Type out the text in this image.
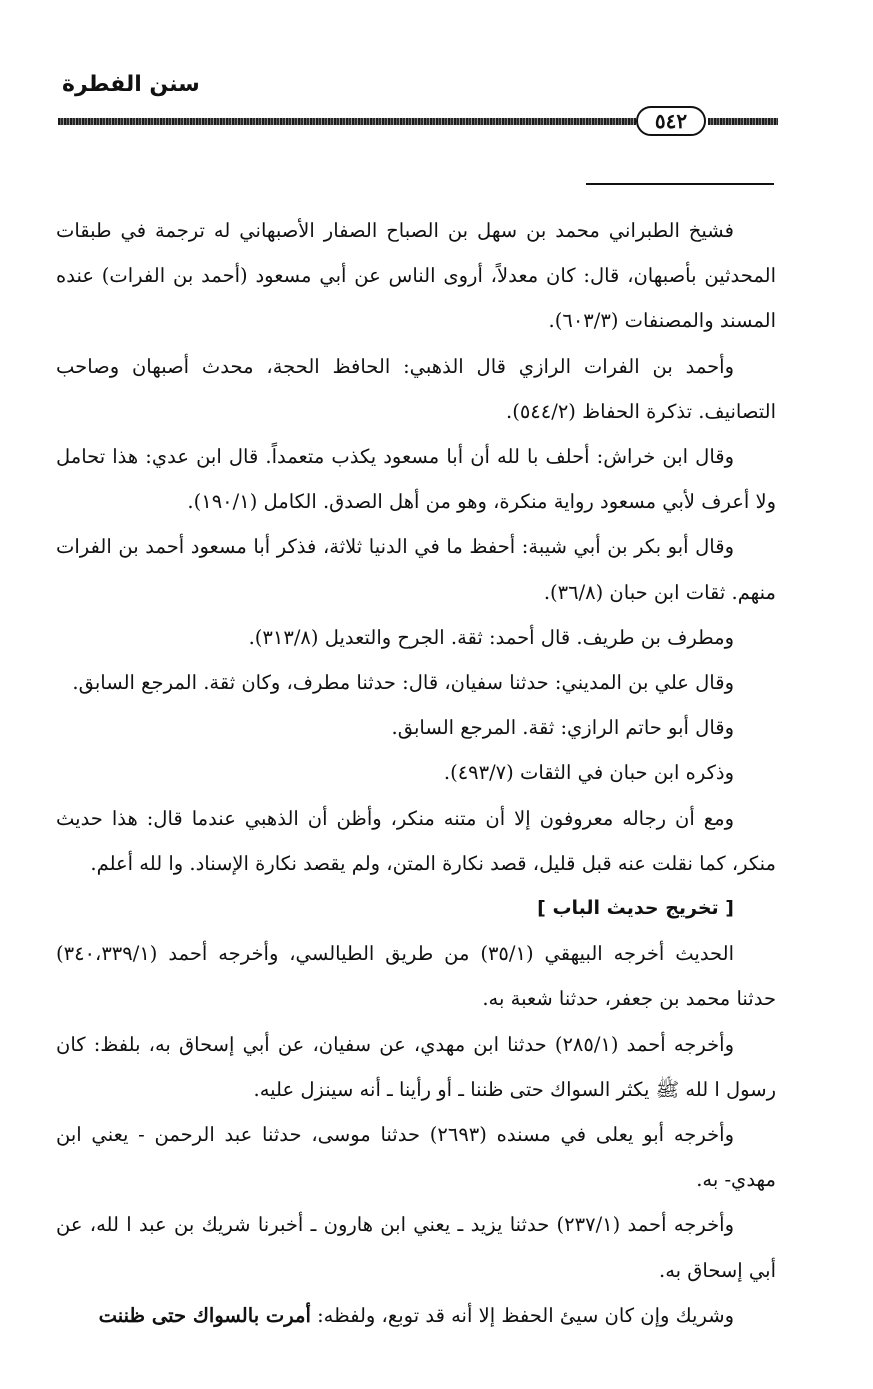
سنن الفطرة
٥٤٢

فشيخ الطبراني محمد بن سهل بن الصباح الصفار الأصبهاني له ترجمة في طبقات المحدثين بأصبهان، قال: كان معدلاً، أروى الناس عن أبي مسعود (أحمد بن الفرات) عنده المسند والمصنفات (٦٠٣/٣).

وأحمد بن الفرات الرازي قال الذهبي: الحافظ الحجة، محدث أصبهان وصاحب التصانيف. تذكرة الحفاظ (٥٤٤/٢).

وقال ابن خراش: أحلف با لله أن أبا مسعود يكذب متعمداً. قال ابن عدي: هذا تحامل ولا أعرف لأبي مسعود رواية منكرة، وهو من أهل الصدق. الكامل (١٩٠/١).

وقال أبو بكر بن أبي شيبة: أحفظ ما في الدنيا ثلاثة، فذكر أبا مسعود أحمد بن الفرات منهم. ثقات ابن حبان (٣٦/٨).

ومطرف بن طريف. قال أحمد: ثقة. الجرح والتعديل (٣١٣/٨).

وقال علي بن المديني: حدثنا سفيان، قال: حدثنا مطرف، وكان ثقة. المرجع السابق.

وقال أبو حاتم الرازي: ثقة. المرجع السابق.

وذكره ابن حبان في الثقات (٤٩٣/٧).

ومع أن رجاله معروفون إلا أن متنه منكر، وأظن أن الذهبي عندما قال: هذا حديث منكر، كما نقلت عنه قبل قليل، قصد نكارة المتن، ولم يقصد نكارة الإسناد. وا لله أعلم.

[ تخريج حديث الباب ]

الحديث أخرجه البيهقي (٣٥/١) من طريق الطيالسي، وأخرجه أحمد (٣٤٠،٣٣٩/١) حدثنا محمد بن جعفر، حدثنا شعبة به.

وأخرجه أحمد (٢٨٥/١) حدثنا ابن مهدي، عن سفيان، عن أبي إسحاق به، بلفظ: كان رسول ا لله ﷺ يكثر السواك حتى ظننا ـ أو رأينا ـ أنه سينزل عليه.

وأخرجه أبو يعلى في مسنده (٢٦٩٣) حدثنا موسى، حدثنا عبد الرحمن - يعني ابن مهدي- به.

وأخرجه أحمد (٢٣٧/١) حدثنا يزيد ـ يعني ابن هارون ـ أخبرنا شريك بن عبد ا لله، عن أبي إسحاق به.

وشريك وإن كان سيئ الحفظ إلا أنه قد توبع، ولفظه: أمرت بالسواك حتى ظننت
